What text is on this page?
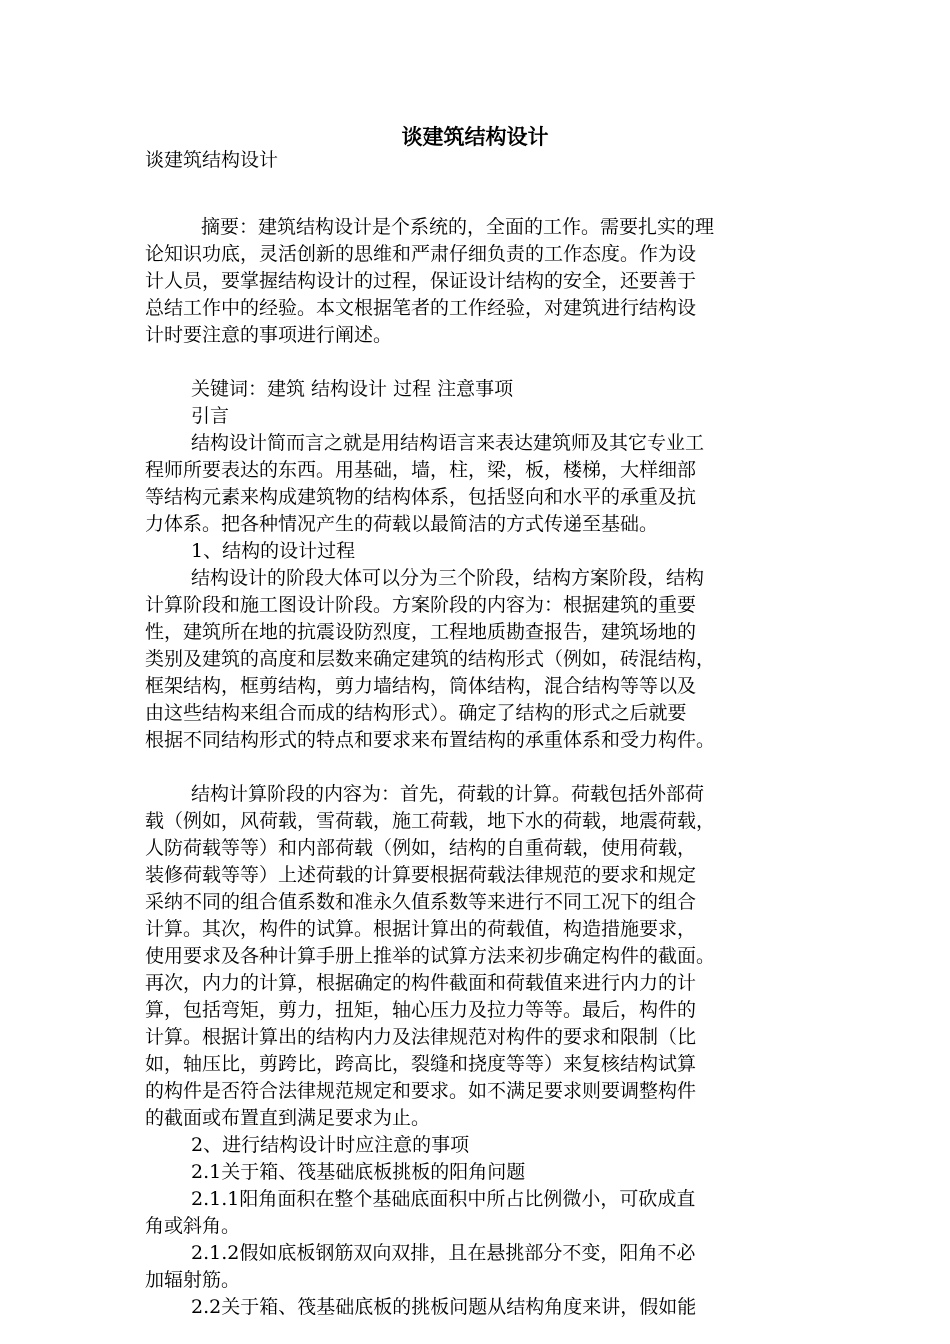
谈建筑结构设计

谈建筑结构设计

摘要：建筑结构设计是个系统的，全面的工作。需要扎实的理

论知识功底，灵活创新的思维和严肃仔细负责的工作态度。作为设

计人员，要掌握结构设计的过程，保证设计结构的安全，还要善于

总结工作中的经验。本文根据笔者的工作经验，对建筑进行结构设

计时要注意的事项进行阐述。

关键词：建筑 结构设计 过程 注意事项

引言

结构设计简而言之就是用结构语言来表达建筑师及其它专业工

程师所要表达的东西。用基础，墙，柱，梁，板，楼梯，大样细部

等结构元素来构成建筑物的结构体系，包括竖向和水平的承重及抗

力体系。把各种情况产生的荷载以最简洁的方式传递至基础。

1、结构的设计过程

结构设计的阶段大体可以分为三个阶段，结构方案阶段，结构

计算阶段和施工图设计阶段。方案阶段的内容为：根据建筑的重要

性，建筑所在地的抗震设防烈度，工程地质勘查报告，建筑场地的

类别及建筑的高度和层数来确定建筑的结构形式（例如，砖混结构，

框架结构，框剪结构，剪力墙结构，筒体结构，混合结构等等以及

由这些结构来组合而成的结构形式）。确定了结构的形式之后就要

根据不同结构形式的特点和要求来布置结构的承重体系和受力构件。

结构计算阶段的内容为：首先，荷载的计算。荷载包括外部荷

载（例如，风荷载，雪荷载，施工荷载，地下水的荷载，地震荷载，

人防荷载等等）和内部荷载（例如，结构的自重荷载，使用荷载，

装修荷载等等）上述荷载的计算要根据荷载法律规范的要求和规定

采纳不同的组合值系数和准永久值系数等来进行不同工况下的组合

计算。其次，构件的试算。根据计算出的荷载值，构造措施要求，

使用要求及各种计算手册上推举的试算方法来初步确定构件的截面。

再次，内力的计算，根据确定的构件截面和荷载值来进行内力的计

算，包括弯矩，剪力，扭矩，轴心压力及拉力等等。最后，构件的

计算。根据计算出的结构内力及法律规范对构件的要求和限制（比

如，轴压比，剪跨比，跨高比，裂缝和挠度等等）来复核结构试算

的构件是否符合法律规范规定和要求。如不满足要求则要调整构件

的截面或布置直到满足要求为止。

2、进行结构设计时应注意的事项

2.1关于箱、筏基础底板挑板的阳角问题

2.1.1阳角面积在整个基础底面积中所占比例微小，可砍成直

角或斜角。

2.1.2假如底板钢筋双向双排，且在悬挑部分不变，阳角不必

加辐射筋。

2.2关于箱、筏基础底板的挑板问题从结构角度来讲，假如能
